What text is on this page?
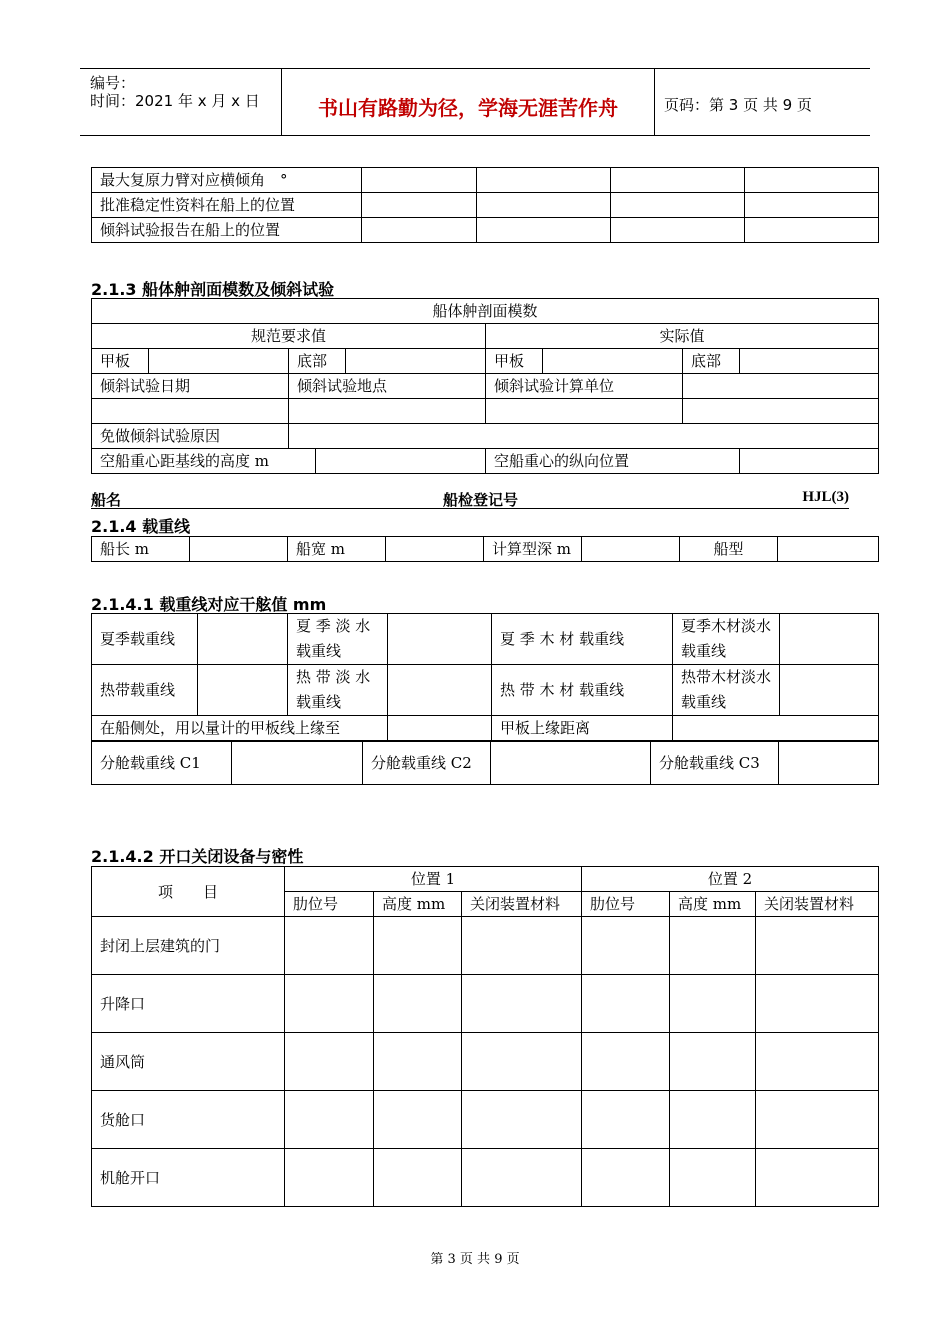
编号：
时间：2021 年 x 月 x 日	书山有路勤为径，学海无涯苦作舟	页码：第 3 页 共 9 页
最大复原力臂对应横倾角　°				
批准稳定性资料在船上的位置				
倾斜试验报告在船上的位置				
2.1.3 船体舯剖面模数及倾斜试验
船体舯剖面模数								
规范要求值					实际值			
甲板		底部			甲板		底部	
倾斜试验日期		倾斜试验地点			倾斜试验计算单位			

免做倾斜试验原因								
空船重心距基线的高度 m					空船重心的纵向位置			
船名	船检登记号	HJL(3)
2.1.4 载重线
船长 m		船宽 m		计算型深 m		船型	
2.1.4.1 载重线对应干舷值 mm
夏季载重线		夏 季 淡 水 载重线		夏 季 木 材 载重线	夏季木材淡水载重线	
热带载重线		热 带 淡 水 载重线		热 带 木 材 载重线	热带木材淡水载重线	
在船侧处，用以量计的甲板线上缘至				甲板上缘距离		
分舱载重线 C1		分舱载重线 C2		分舱载重线 C3	
2.1.4.2 开口关闭设备与密性
项　　目	位置 1			位置 2		
	肋位号	高度 mm	关闭装置材料	肋位号	高度 mm	关闭装置材料
封闭上层建筑的门						
升降口						
通风筒						
货舱口						
机舱开口						
第 3 页 共 9 页
